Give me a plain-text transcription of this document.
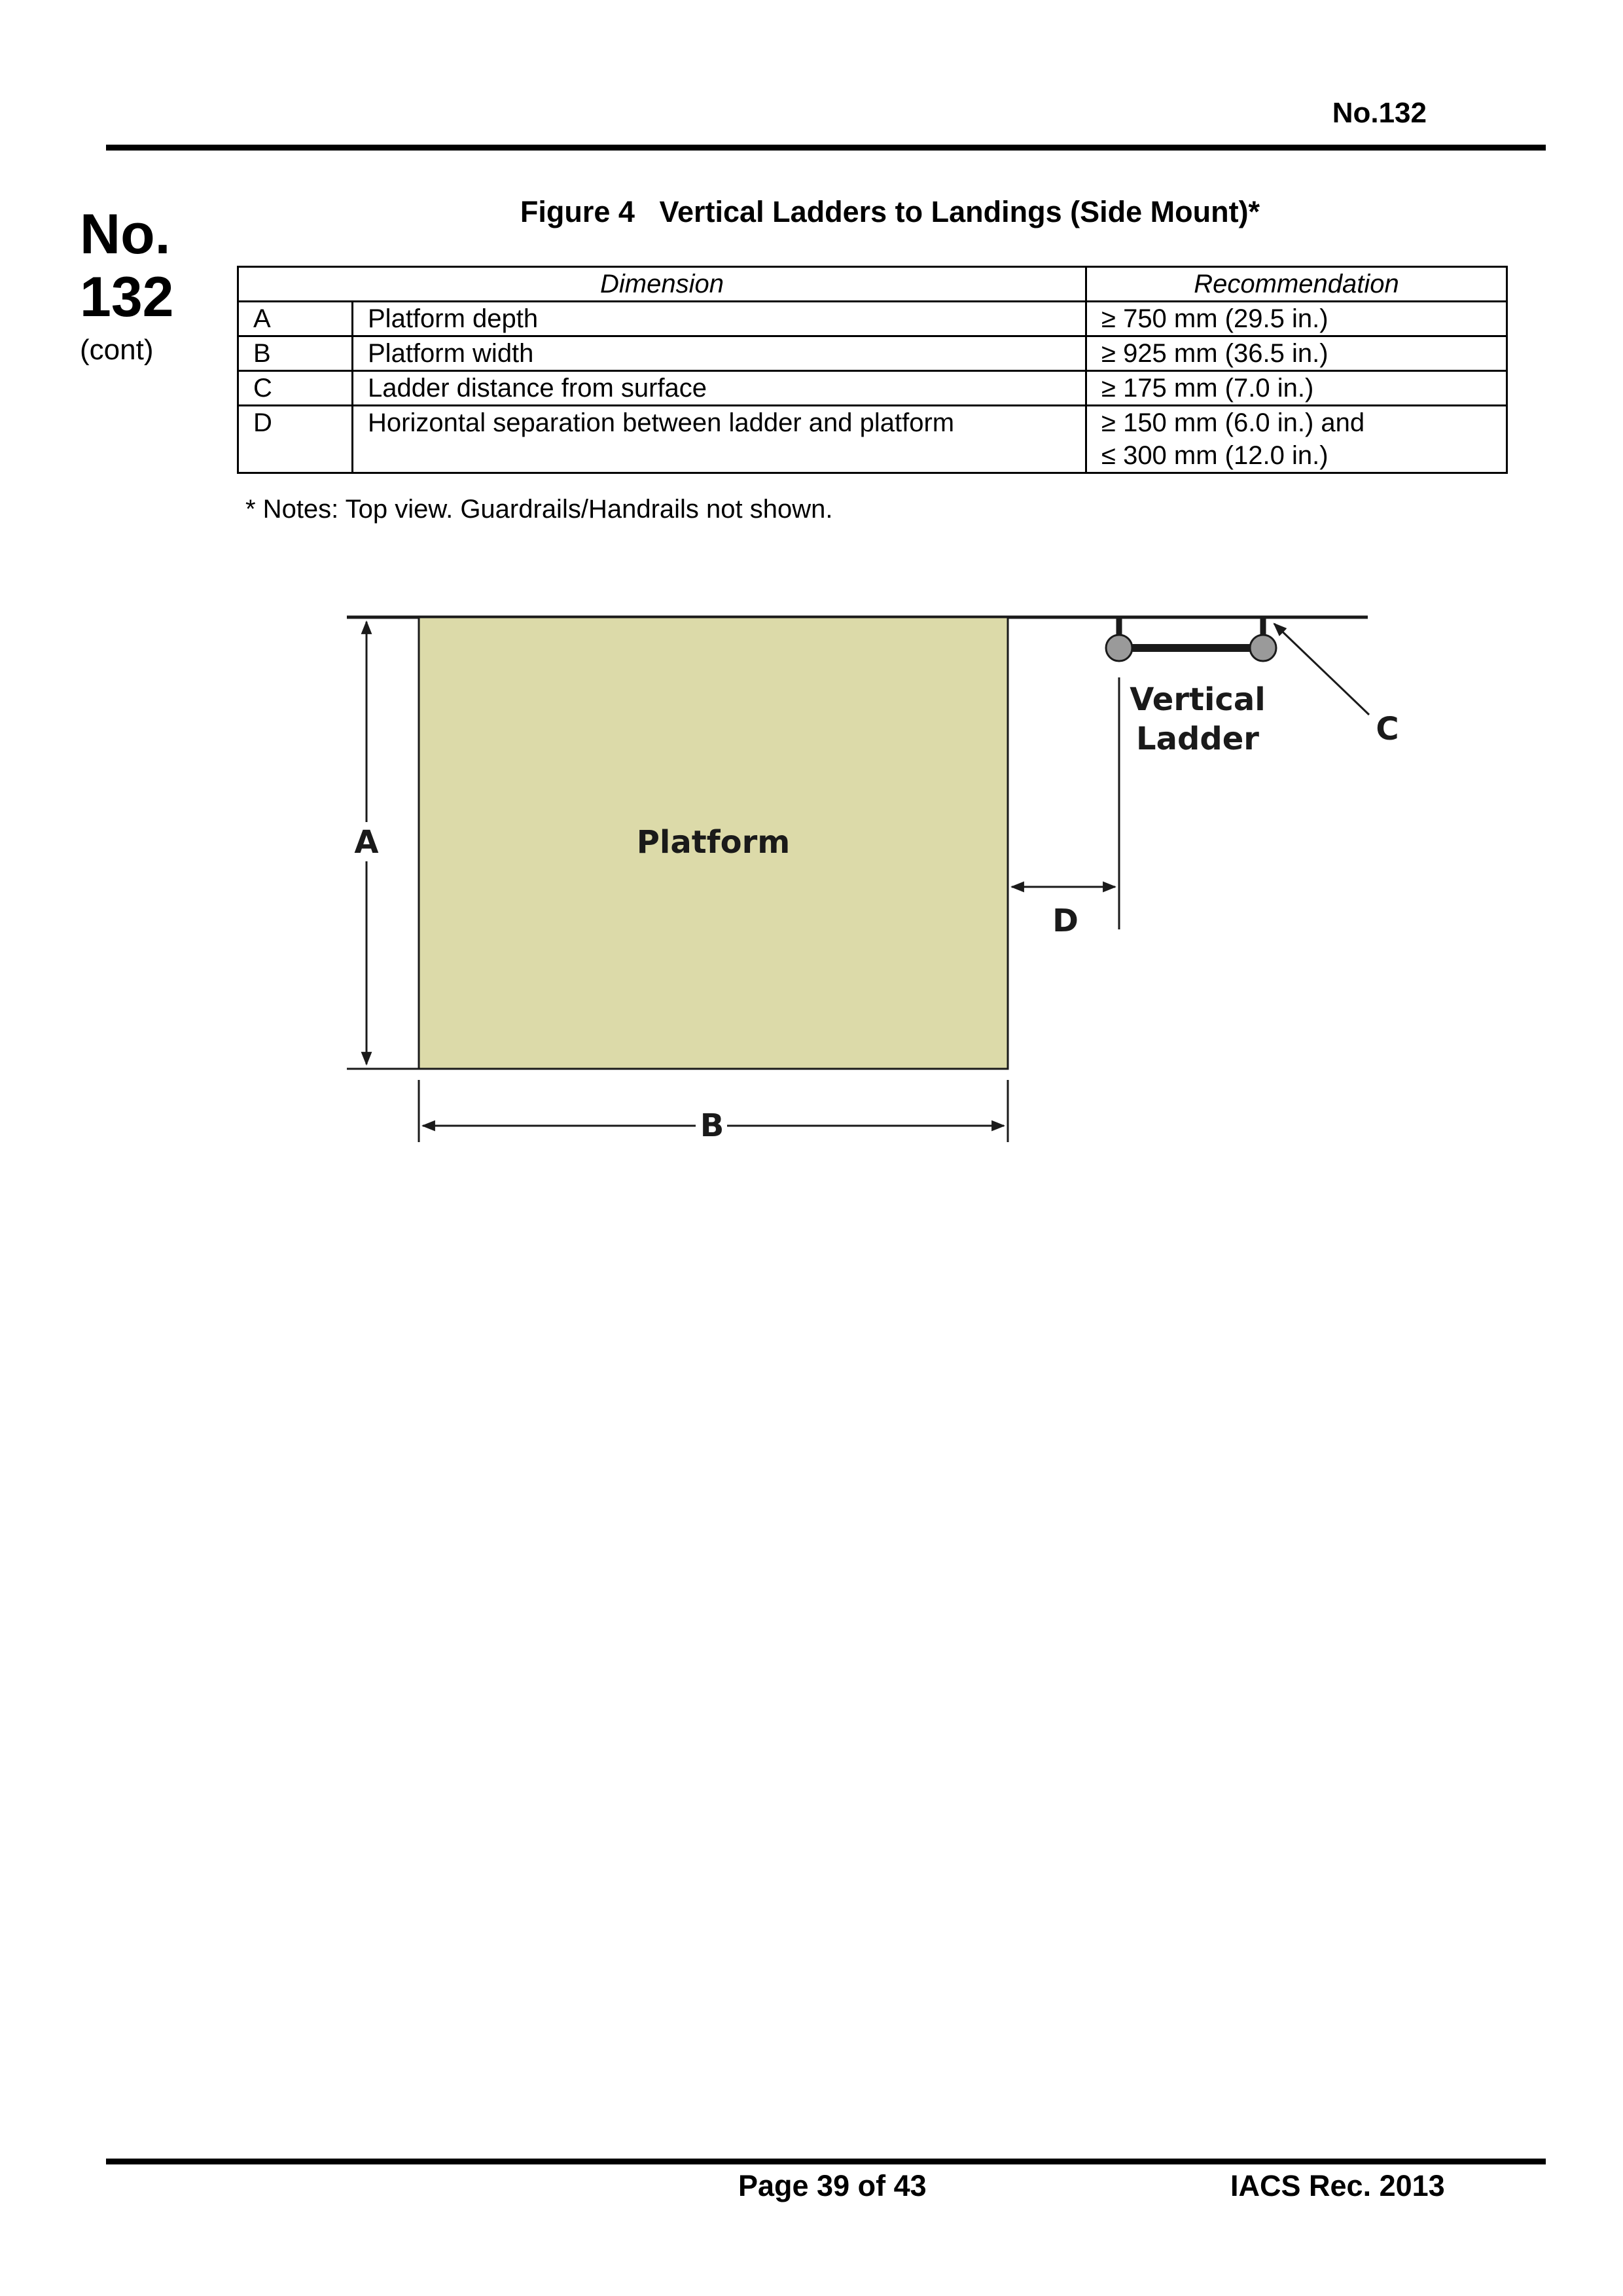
No.132
No.
132
(cont)
Figure 4   Vertical Ladders to Landings (Side Mount)*
Dimension		Recommendation
A	Platform depth	≥ 750 mm (29.5 in.)

B	Platform width	≥ 925 mm (36.5 in.)

C	Ladder distance from surface	≥ 175 mm (7.0 in.)

D	Horizontal separation between ladder and platform	≥ 150 mm (6.0 in.) and
≤ 300 mm (12.0 in.)
* Notes: Top view. Guardrails/Handrails not shown.
Platform
A
B
Vertical
Ladder	C
D
Page 39 of 43	IACS Rec. 2013
